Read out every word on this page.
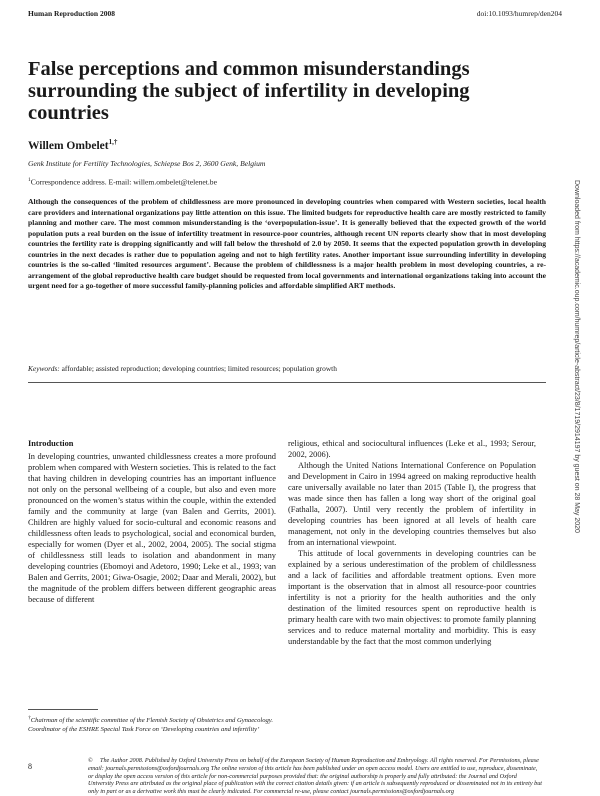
Human Reproduction 2008	doi:10.1093/humrep/den204
False perceptions and common misunderstandings surrounding the subject of infertility in developing countries
Willem Ombelet$^{1,\dagger}$
Genk Institute for Fertility Technologies, Schiepse Bos 2, 3600 Genk, Belgium
$^1$Correspondence address. E-mail: willem.ombelet@telenet.be

Although the consequences of the problem of childlessness are more pronounced in developing countries when compared with Western societies, local health care providers and international organizations pay little attention on this issue. The limited budgets for reproductive health care are mostly restricted to family planning and mother care. The most common misunderstanding is the ‘overpopulation-issue’. It is generally believed that the expected growth of the world population puts a real burden on the issue of infertility treatment in resource-poor countries, although recent UN reports clearly show that in most developing countries the fertility rate is dropping significantly and will fall below the threshold of 2.0 by 2050. It seems that the expected population growth in developing countries in the next decades is rather due to population ageing and not to high fertility rates. Another important issue surrounding infertility in developing countries is the so-called ‘limited resources argument’. Because the problem of childlessness is a major health problem in most developing countries, a re-arrangement of the global reproductive health care budget should be requested from local governments and international organizations taking into account the urgent need for a go-together of more successful family-planning policies and affordable simplified ART methods.

Keywords: affordable; assisted reproduction; developing countries; limited resources; population growth	Downloaded from https://academic.oup.com/humrep/article-abstract/23/8/1719/2914197 by guest on 28 May 2020

Introduction

In developing countries, unwanted childlessness creates a more profound problem when compared with Western societies. This is related to the fact that having children in developing countries has an important influence not only on the personal wellbeing of a couple, but also and even more pronounced on the women’s status within the couple, within the extended family and the community at large (van Balen and Gerrits, 2001). Children are highly valued for socio-cultural and economic reasons and childlessness often leads to psychological, social and economical burden, especially for women (Dyer et al., 2002, 2004, 2005). The social stigma of childlessness still leads to isolation and abandonment in many developing countries (Ebomoyi and Adetoro, 1990; Leke et al., 1993; van Balen and Gerrits, 2001; Giwa-Osagie, 2002; Daar and Merali, 2002), but the magnitude of the problem differs between different geographic areas because of different

religious, ethical and sociocultural influences (Leke et al., 1993; Serour, 2002, 2006).

Although the United Nations International Conference on Population and Development in Cairo in 1994 agreed on making reproductive health care universally available no later than 2015 (Table I), the progress that was made since then has fallen a long way short of the original goal (Fathalla, 2007). Until very recently the problem of infertility in developing countries has been ignored at all levels of health care management, not only in the developing countries themselves but also from an international viewpoint.

This attitude of local governments in developing countries can be explained by a serious underestimation of the problem of childlessness and a lack of facilities and affordable treatment options. Even more important is the observation that in almost all resource-poor countries infertility is not a priority for the health authorities and the only destination of the limited resources spent on reproductive health is primary health care with two main objectives: to promote family planning services and to reduce maternal mortality and morbidity. This is easy understandable by the fact that the most common underlying

†Chairman of the scientific committee of the Flemish Society of Obstetrics and Gynaecology. Coordinator of the ESHRE Special Task Force on ‘Developing countries and infertility’
8
© The Author 2008. Published by Oxford University Press on behalf of the European Society of Human Reproduction and Embryology. All rights reserved. For Permissions, please email: journals.permissions@oxfordjournals.org The online version of this article has been published under an open access model. Users are entitled to use, reproduce, disseminate, or display the open access version of this article for non-commercial purposes provided that: the original authorship is properly and fully attributed: the Journal and Oxford University Press are attributed as the original place of publication with the correct citation details given: if an article is subsequently reproduced or disseminated not in its entirety but only in part or as a derivative work this must be clearly indicated. For commercial re-use, please contact journals.permissions@oxfordjournals.org
